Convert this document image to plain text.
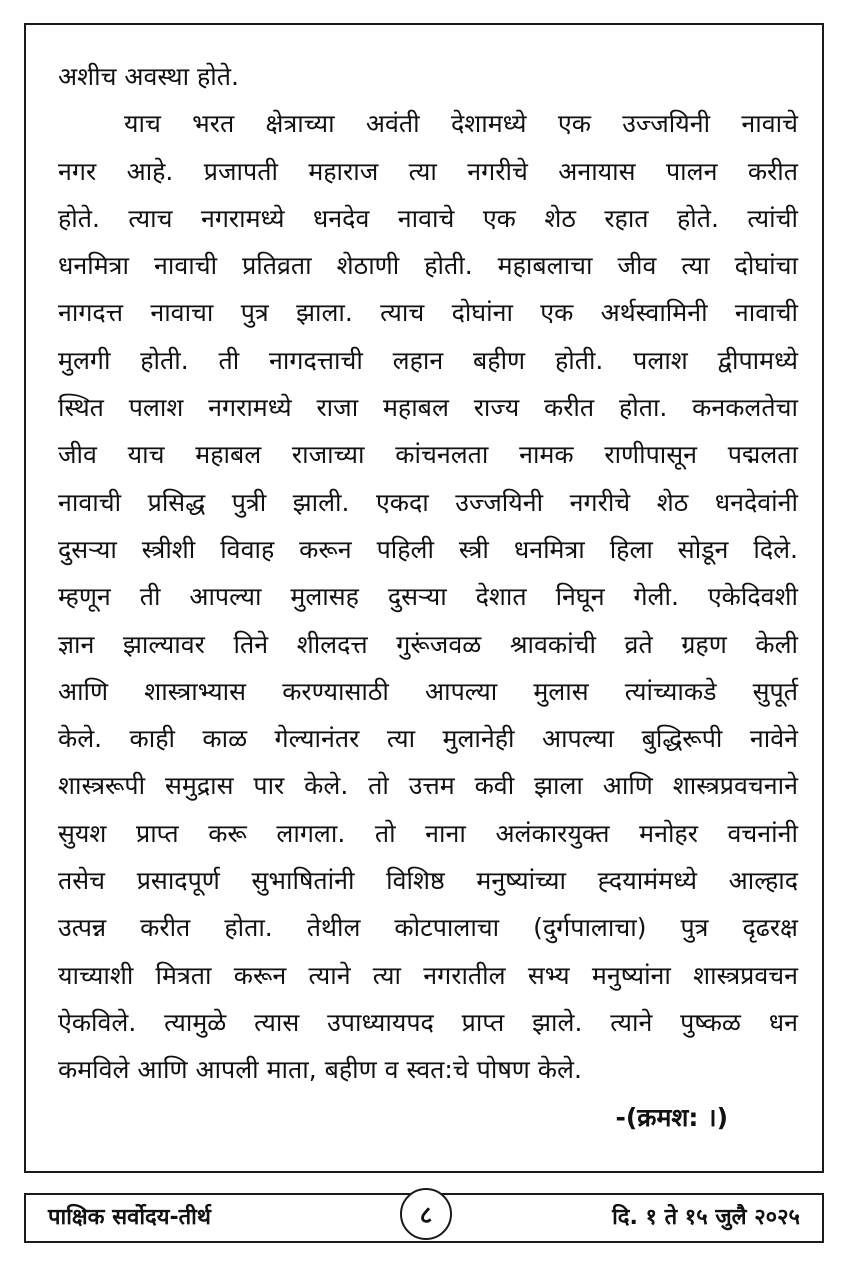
अशीच अवस्था होते.
याच भरत क्षेत्राच्या अवंती देशामध्ये एक उज्जयिनी नावाचे
नगर आहे. प्रजापती महाराज त्या नगरीचे अनायास पालन करीत
होते. त्याच नगरामध्ये धनदेव नावाचे एक शेठ रहात होते. त्यांची
धनमित्रा नावाची प्रतिव्रता शेठाणी होती. महाबलाचा जीव त्या दोघांचा
नागदत्त नावाचा पुत्र झाला. त्याच दोघांना एक अर्थस्वामिनी नावाची
मुलगी होती. ती नागदत्ताची लहान बहीण होती. पलाश द्वीपामध्ये
स्थित पलाश नगरामध्ये राजा महाबल राज्य करीत होता. कनकलतेचा
जीव याच महाबल राजाच्या कांचनलता नामक राणीपासून पद्मलता
नावाची प्रसिद्ध पुत्री झाली. एकदा उज्जयिनी नगरीचे शेठ धनदेवांनी
दुसऱ्या स्त्रीशी विवाह करून पहिली स्त्री धनमित्रा हिला सोडून दिले.
म्हणून ती आपल्या मुलासह दुसऱ्या देशात निघून गेली. एकेदिवशी
ज्ञान झाल्यावर तिने शीलदत्त गुरूंजवळ श्रावकांची व्रते ग्रहण केली
आणि शास्त्राभ्यास करण्यासाठी आपल्या मुलास त्यांच्याकडे सुपूर्त
केले. काही काळ गेल्यानंतर त्या मुलानेही आपल्या बुद्धिरूपी नावेने
शास्त्ररूपी समुद्रास पार केले. तो उत्तम कवी झाला आणि शास्त्रप्रवचनाने
सुयश प्राप्त करू लागला. तो नाना अलंकारयुक्त मनोहर वचनांनी
तसेच प्रसादपूर्ण सुभाषितांनी विशिष्ठ मनुष्यांच्या ह्दयामंमध्ये आल्हाद
उत्पन्न करीत होता. तेथील कोटपालाचा (दुर्गपालाचा) पुत्र दृढरक्ष
याच्याशी मित्रता करून त्याने त्या नगरातील सभ्य मनुष्यांना शास्त्रप्रवचन
ऐकविले. त्यामुळे त्यास उपाध्यायपद प्राप्त झाले. त्याने पुष्कळ धन
कमविले आणि आपली माता, बहीण व स्वत:चे पोषण केले.
-(क्रमश: ।)
पाक्षिक सर्वोदय-तीर्थ	८	दि. १ ते १५ जुलै २०२५
